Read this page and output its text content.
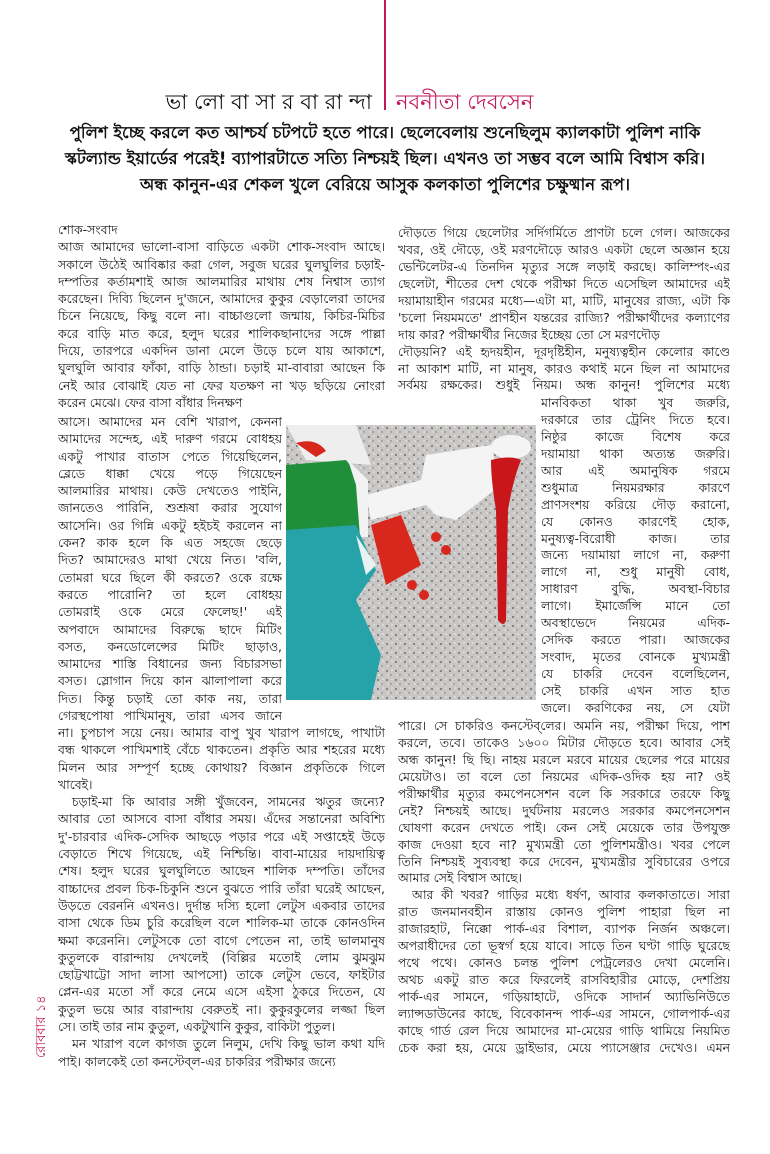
ভা লো বা সা র বা রা ন্দা নবনীতা দেবসেন
পুলিশ ইচ্ছে করলে কত আশ্চর্য চটপটে হতে পারে। ছেলেবেলায় শুনেছিলুম ক্যালকাটা পুলিশ নাকি
স্কটল্যান্ড ইয়ার্ডের পরেই! ব্যাপারটাতে সত্যি নিশ্চয়ই ছিল। এখনও তা সম্ভব বলে আমি বিশ্বাস করি।
অন্ধ কানুন-এর শেকল খুলে বেরিয়ে আসুক কলকাতা পুলিশের চক্ষুষ্মান রূপ।
শোক-সংবাদ
আজ আমাদের ভালো-বাসা বাড়িতে একটা শোক-সংবাদ আছে।
সকালে উঠেই আবিষ্কার করা গেল, সবুজ ঘরের ঘুলঘুলির চড়াই-
দম্পতির কর্তামশাই আজ আলমারির মাথায় শেষ নিশ্বাস ত্যাগ
করেছেন। দিব্যি ছিলেন দু'জনে, আমাদের কুকুর বেড়ালেরা তাদের
চিনে নিয়েছে, কিছু বলে না। বাচ্চাগুলো জন্মায়, কিচির-মিচির
করে বাড়ি মাত করে, হলুদ ঘরের শালিকছানাদের সঙ্গে পাল্লা
দিয়ে, তারপরে একদিন ডানা মেলে উড়ে চলে যায় আকাশে,
ঘুলঘুলি আবার ফাঁকা, বাড়ি ঠান্ডা। চড়াই মা-বাবারা আছেন কি
নেই আর বোঝাই যেত না ফের যতক্ষণ না খড় ছড়িয়ে নোংরা
করেন মেঝে। ফের বাসা বাঁধার দিনক্ষণ
আসে। আমাদের মন বেশি খারাপ, কেননা
আমাদের সন্দেহ, এই দারুণ গরমে বোধহয়
একটু পাখার বাতাস পেতে গিয়েছিলেন,
ব্লেডে ধাক্কা খেয়ে পড়ে গিয়েছেন
আলমারির মাথায়। কেউ দেখতেও পাইনি,
জানতেও পারিনি, শুশ্রূষা করার সুযোগ
আসেনি। ওর গিন্নি একটু হইচই করলেন না
কেন? কাক হলে কি এত সহজে ছেড়ে
দিত? আমাদেরও মাথা খেয়ে নিত। 'বলি,
তোমরা ঘরে ছিলে কী করতে? ওকে রক্ষে
করতে পারোনি? তা হলে বোধহয়
তোমরাই ওকে মেরে ফেলেছ!' এই
অপবাদে আমাদের বিরুদ্ধে ছাদে মিটিং
বসত, কনডোলেন্সের মিটিং ছাড়াও,
আমাদের শাস্তি বিধানের জন্য বিচারসভা
বসত। স্লোগান দিয়ে কান ঝালাপালা করে
দিত। কিন্তু চড়াই তো কাক নয়, তারা
গেরস্থপোষা পাখিমানুষ, তারা এসব জানে
না। চুপচাপ সয়ে নেয়। আমার বাপু খুব খারাপ লাগছে, পাখাটা
বন্ধ থাকলে পাখিমশাই বেঁচে থাকতেন। প্রকৃতি আর শহরের মধ্যে
মিলন আর সম্পূর্ণ হচ্ছে কোথায়? বিজ্ঞান প্রকৃতিকে গিলে
খাবেই।
চড়াই-মা কি আবার সঙ্গী খুঁজবেন, সামনের ঋতুর জন্যে?
আবার তো আসবে বাসা বাঁধার সময়। এঁদের সন্তানেরা অবিশ্যি
দু'-চারবার এদিক-সেদিক আছড়ে পড়ার পরে এই সপ্তাহেই উড়ে
বেড়াতে শিখে গিয়েছে, এই নিশ্চিন্তি। বাবা-মায়ের দায়দায়িত্ব
শেষ। হলুদ ঘরের ঘুলঘুলিতে আছেন শালিক দম্পতি। তাঁদের
বাচ্চাদের প্রবল চিক-চিকুনি শুনে বুঝতে পারি তাঁরা ঘরেই আছেন,
উড়তে বেরননি এখনও। দুর্দান্ত দস্যি হলো লেটুস একবার তাদের
বাসা থেকে ডিম চুরি করেছিল বলে শালিক-মা তাকে কোনওদিন
ক্ষমা করেননি। লেটুসকে তো বাগে পেতেন না, তাই ভালমানুষ
কুতুলকে বারান্দায় দেখলেই (বিল্লির মতোই লোম ঝুমঝুম
ছোট্টখাট্টো সাদা লাসা আপসো) তাকে লেটুস ভেবে, ফাইটার
প্লেন-এর মতো সাঁ করে নেমে এসে এইসা ঠুকরে দিতেন, যে
কুতুল ভয়ে আর বারান্দায় বেরুতই না। কুকুরকুলের লজ্জা ছিল
সে। তাই তার নাম কুতুল, একটুখানি কুকুর, বাকিটা পুতুল।
মন খারাপ বলে কাগজ তুলে নিলুম, দেখি কিছু ভাল কথা যদি
পাই। কালকেই তো কনস্টেব্‌ল-এর চাকরির পরীক্ষার জন্যে
দৌড়তে গিয়ে ছেলেটার সর্দিগর্মিতে প্রাণটা চলে গেল। আজকের
খবর, ওই দৌড়ে, ওই মরণদৌড়ে আরও একটা ছেলে অজ্ঞান হয়ে
ভেন্টিলেটর-এ তিনদিন মৃত্যুর সঙ্গে লড়াই করছে। কালিম্পং-এর
ছেলেটা, শীতের দেশ থেকে পরীক্ষা দিতে এসেছিল আমাদের এই
দয়ামায়াহীন গরমের মধ্যে—এটা মা, মাটি, মানুষের রাজ্য, এটা কি
'চলো নিয়মমতে' প্রাণহীন যন্তরের রাজ্যি? পরীক্ষার্থীদের কল্যাণের
দায় কার? পরীক্ষার্থীর নিজের ইচ্ছেয় তো সে মরণদৌড়
দৌড়য়নি? এই হৃদয়হীন, দূরদৃষ্টিহীন, মনুষ্যত্বহীন কেলোর কাণ্ডে
না আকাশ মাটি, না মানুষ, কারও কথাই মনে ছিল না আমাদের
সর্বময় রক্ষকের। শুধুই নিয়ম। অন্ধ কানুন! পুলিশের মধ্যে
মানবিকতা থাকা খুব জরুরি,
দরকারে তার ট্রেনিং দিতে হবে।
নিষ্ঠুর কাজে বিশেষ করে
দয়ামায়া থাকা অত্যন্ত জরুরি।
আর এই অমানুষিক গরমে
শুধুমাত্র নিয়মরক্ষার কারণে
প্রাণসংশয় করিয়ে দৌড় করানো,
যে কোনও কারণেই হোক,
মনুষ্যত্ব-বিরোধী কাজ। তার
জন্যে দয়ামায়া লাগে না, করুণা
লাগে না, শুধু মানুষী বোধ,
সাধারণ বুদ্ধি, অবস্থা-বিচার
লাগে। ইমার্জেন্সি মানে তো
অবস্থাভেদে নিয়মের এদিক-
সেদিক করতে পারা। আজকের
সংবাদ, মৃতের বোনকে মুখ্যমন্ত্রী
যে চাকরি দেবেন বলেছিলেন,
সেই চাকরি এখন সাত হাত
জলে। করণিকের নয়, সে যেটা
পারে। সে চাকরিও কনস্টেব্‌লের। অমনি নয়, পরীক্ষা দিয়ে, পাশ
করলে, তবে। তাকেও ১৬০০ মিটার দৌড়তে হবে। আবার সেই
অন্ধ কানুন! ছি ছি। নাহয় মরলে মরবে মায়ের ছেলের পরে মায়ের
মেয়েটাও। তা বলে তো নিয়মের এদিক-ওদিক হয় না? ওই
পরীক্ষার্থীর মৃত্যুর কমপেনসেশন বলে কি সরকারে তরফে কিছু
নেই? নিশ্চয়ই আছে। দুর্ঘটনায় মরলেও সরকার কমপেনসেশন
ঘোষণা করেন দেখতে পাই। কেন সেই মেয়েকে তার উপযুক্ত
কাজ দেওয়া হবে না? মুখ্যমন্ত্রী তো পুলিশমন্ত্রীও। খবর পেলে
তিনি নিশ্চয়ই সুব্যবস্থা করে দেবেন, মুখ্যমন্ত্রীর সুবিচারের ওপরে
আমার সেই বিশ্বাস আছে।
আর কী খবর? গাড়ির মধ্যে ধর্ষণ, আবার কলকাতাতে। সারা
রাত জনমানবহীন রাস্তায় কোনও পুলিশ পাহারা ছিল না
রাজারহাট, নিক্কো পার্ক-এর বিশাল, ব্যাপক নির্জন অঞ্চলে।
অপরাধীদের তো ভূস্বর্গ হয়ে যাবে। সাড়ে তিন ঘণ্টা গাড়ি ঘুরেছে
পথে পথে। কোনও চলন্ত পুলিশ পেট্রলেরও দেখা মেলেনি।
অথচ একটু রাত করে ফিরলেই রাসবিহারীর মোড়ে, দেশপ্রিয়
পার্ক-এর সামনে, গড়িয়াহাটে, ওদিকে সাদার্ন অ্যাভিনিউতে
ল্যান্সডাউনের কাছে, বিবেকানন্দ পার্ক-এর সামনে, গোলপার্ক-এর
কাছে গার্ড রেল দিয়ে আমাদের মা-মেয়ের গাড়ি থামিয়ে নিয়মিত
চেক করা হয়, মেয়ে ড্রাইভার, মেয়ে প্যাসেঞ্জার দেখেও। এমন
রোববার ১৪
